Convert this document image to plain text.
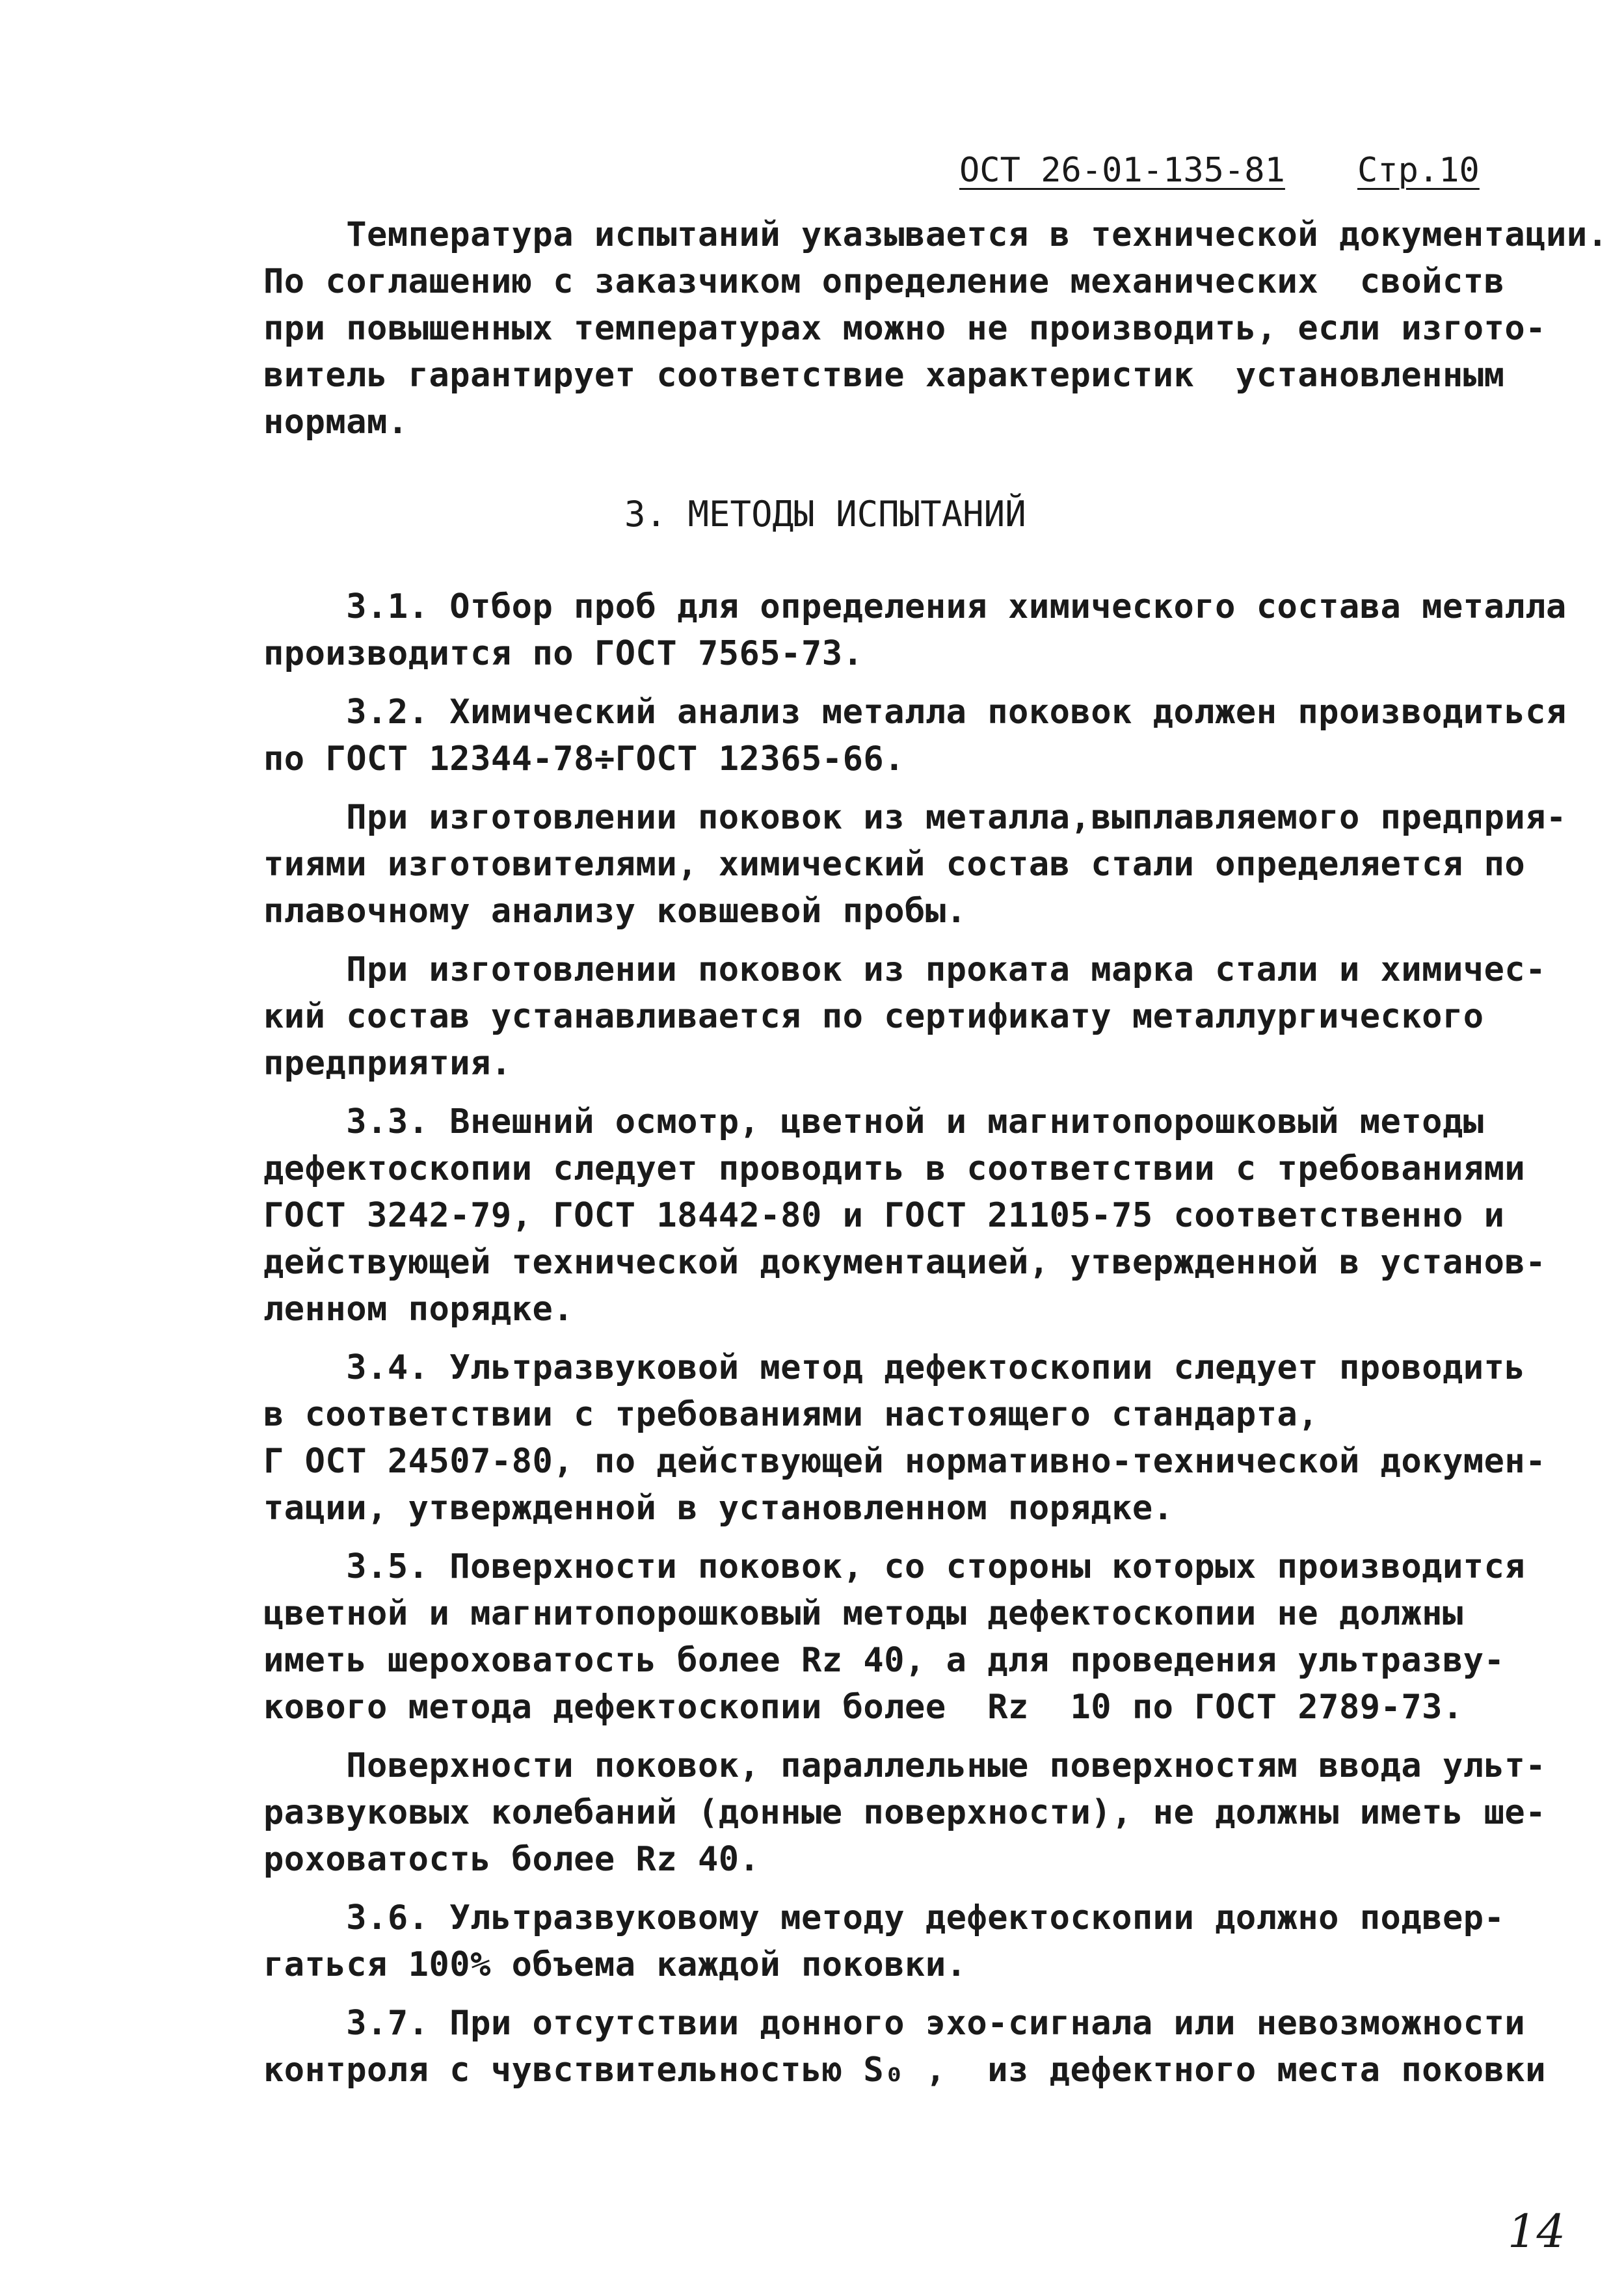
ОСТ 26-01-135-81 Стр.10
Температура испытаний указывается в технической документации.
По соглашению с заказчиком определение механических  свойств
при повышенных температурах можно не производить, если изгото-
витель гарантирует соответствие характеристик  установленным
нормам.
3. МЕТОДЫ ИСПЫТАНИЙ
3.1. Отбор проб для определения химического состава металла
производится по ГОСТ 7565-73.
3.2. Химический анализ металла поковок должен производиться
по ГОСТ 12344-78÷ГОСТ 12365-66.
При изготовлении поковок из металла,выплавляемого предприя-
тиями изготовителями, химический состав стали определяется по
плавочному анализу ковшевой пробы.
При изготовлении поковок из проката марка стали и химичес-
кий состав устанавливается по сертификату металлургического
предприятия.
3.3. Внешний осмотр, цветной и магнитопорошковый методы
дефектоскопии следует проводить в соответствии с требованиями
ГОСТ 3242-79, ГОСТ 18442-80 и ГОСТ 21105-75 соответственно и
действующей технической документацией, утвержденной в установ-
ленном порядке.
3.4. Ультразвуковой метод дефектоскопии следует проводить
в соответствии с требованиями настоящего стандарта,
Г ОСТ 24507-80, по действующей нормативно-технической докумен-
тации, утвержденной в установленном порядке.
3.5. Поверхности поковок, со стороны которых производится
цветной и магнитопорошковый методы дефектоскопии не должны
иметь шероховатость более Rz 40, а для проведения ультразву-
кового метода дефектоскопии более  Rz  10 по ГОСТ 2789-73.
Поверхности поковок, параллельные поверхностям ввода ульт-
развуковых колебаний (донные поверхности), не должны иметь ше-
роховатость более Rz 40.
3.6. Ультразвуковому методу дефектоскопии должно подвер-
гаться 100% объема каждой поковки.
3.7. При отсутствии донного эхо-сигнала или невозможности
контроля с чувствительностью S₀ ,  из дефектного места поковки
14
